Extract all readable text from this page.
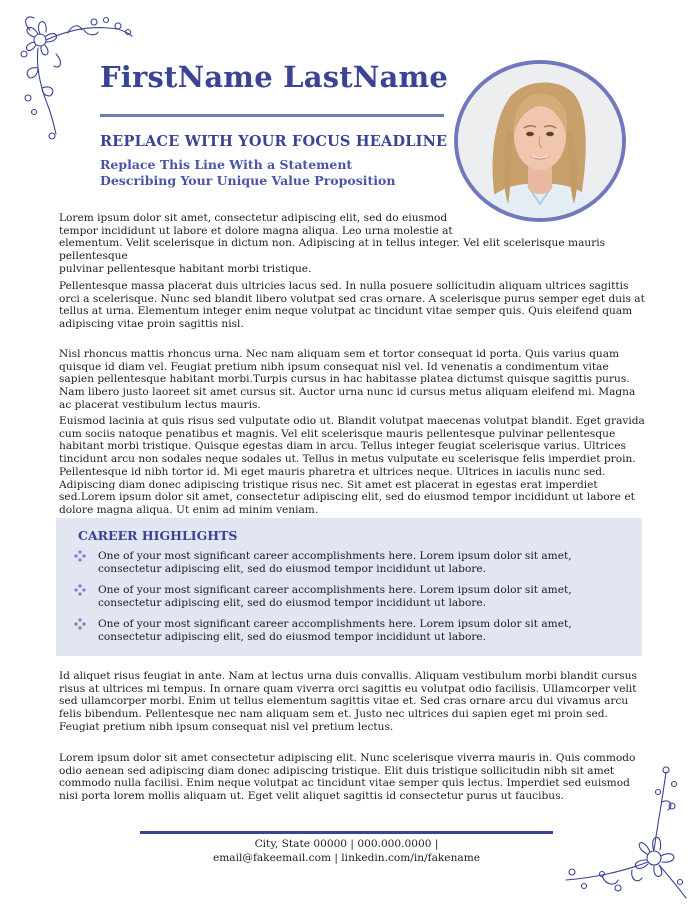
FirstName LastName
REPLACE WITH YOUR FOCUS HEADLINE
Replace This Line With a Statement Describing Your Unique Value Proposition

Lorem ipsum dolor sit amet, consectetur adipiscing elit, sed do eiusmod

tempor incididunt ut labore et dolore magna aliqua. Leo urna molestie at

elementum. Velit scelerisque in dictum non. Adipiscing at in tellus integer. Vel elit scelerisque mauris pellentesque

pulvinar pellentesque habitant morbi tristique.

Pellentesque massa placerat duis ultricies lacus sed. In nulla posuere sollicitudin aliquam ultrices sagittis orci a scelerisque. Nunc sed blandit libero volutpat sed cras ornare. A scelerisque purus semper eget duis at tellus at urna. Elementum integer enim neque volutpat ac tincidunt vitae semper quis. Quis eleifend quam adipiscing vitae proin sagittis nisl.

Nisl rhoncus mattis rhoncus urna. Nec nam aliquam sem et tortor consequat id porta. Quis varius quam quisque id diam vel. Feugiat pretium nibh ipsum consequat nisl vel. Id venenatis a condimentum vitae sapien pellentesque habitant morbi.Turpis cursus in hac habitasse platea dictumst quisque sagittis purus. Nam libero justo laoreet sit amet cursus sit. Auctor urna nunc id cursus metus aliquam eleifend mi. Magna ac placerat vestibulum lectus mauris.

Euismod lacinia at quis risus sed vulputate odio ut. Blandit volutpat maecenas volutpat blandit. Eget gravida cum sociis natoque penatibus et magnis. Vel elit scelerisque mauris pellentesque pulvinar pellentesque habitant morbi tristique. Quisque egestas diam in arcu. Tellus integer feugiat scelerisque varius. Ultrices tincidunt arcu non sodales neque sodales ut. Tellus in metus vulputate eu scelerisque felis imperdiet proin. Pellentesque id nibh tortor id. Mi eget mauris pharetra et ultrices neque. Ultrices in iaculis nunc sed. Adipiscing diam donec adipiscing tristique risus nec. Sit amet est placerat in egestas erat imperdiet sed.Lorem ipsum dolor sit amet, consectetur adipiscing elit, sed do eiusmod tempor incididunt ut labore et dolore magna aliqua. Ut enim ad minim veniam.

CAREER HIGHLIGHTS
One of your most significant career accomplishments here. Lorem ipsum dolor sit amet, consectetur adipiscing elit, sed do eiusmod tempor incididunt ut labore.
One of your most significant career accomplishments here. Lorem ipsum dolor sit amet, consectetur adipiscing elit, sed do eiusmod tempor incididunt ut labore.
One of your most significant career accomplishments here. Lorem ipsum dolor sit amet, consectetur adipiscing elit, sed do eiusmod tempor incididunt ut labore.

Id aliquet risus feugiat in ante. Nam at lectus urna duis convallis. Aliquam vestibulum morbi blandit cursus risus at ultrices mi tempus. In ornare quam viverra orci sagittis eu volutpat odio facilisis. Ullamcorper velit sed ullamcorper morbi. Enim ut tellus elementum sagittis vitae et. Sed cras ornare arcu dui vivamus arcu felis bibendum. Pellentesque nec nam aliquam sem et. Justo nec ultrices dui sapien eget mi proin sed. Feugiat pretium nibh ipsum consequat nisl vel pretium lectus.

Lorem ipsum dolor sit amet consectetur adipiscing elit. Nunc scelerisque viverra mauris in. Quis commodo odio aenean sed adipiscing diam donec adipiscing tristique. Elit duis tristique sollicitudin nibh sit amet commodo nulla facilisi. Enim neque volutpat ac tincidunt vitae semper quis lectus. Imperdiet sed euismod nisi porta lorem mollis aliquam ut. Eget velit aliquet sagittis id consectetur purus ut faucibus.

City, State 00000 | 000.000.0000 |
email@fakeemail.com | linkedin.com/in/fakename
